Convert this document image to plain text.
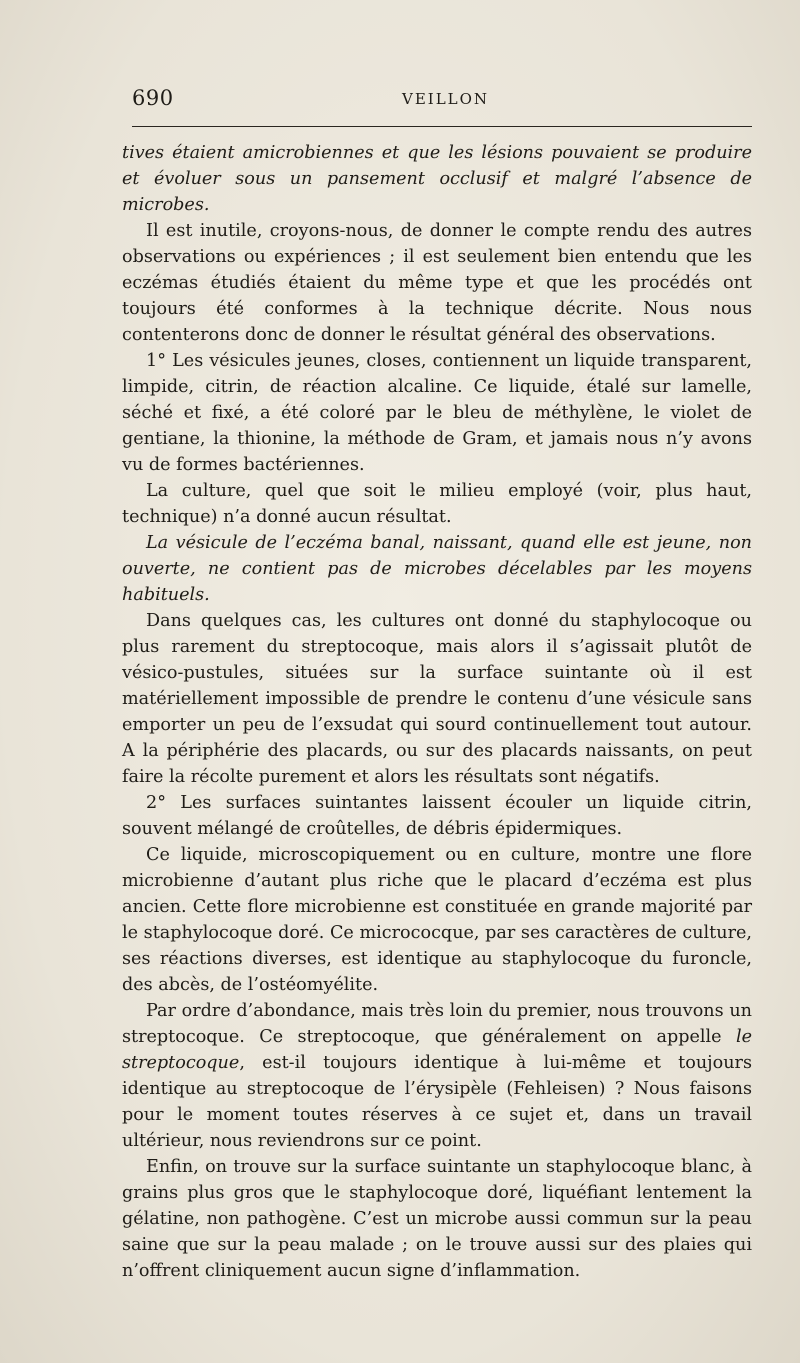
690	VEILLON

tives étaient amicrobiennes et que les lésions pouvaient se produire et évoluer sous un pansement occlusif et malgré l’absence de microbes.

Il est inutile, croyons-nous, de donner le compte rendu des autres observations ou expériences ; il est seulement bien entendu que les eczémas étudiés étaient du même type et que les procédés ont toujours été conformes à la technique décrite. Nous nous contenterons donc de donner le résultat général des observations.

1° Les vésicules jeunes, closes, contiennent un liquide transparent, limpide, citrin, de réaction alcaline. Ce liquide, étalé sur lamelle, séché et fixé, a été coloré par le bleu de méthylène, le violet de gentiane, la thionine, la méthode de Gram, et jamais nous n’y avons vu de formes bactériennes.

La culture, quel que soit le milieu employé (voir, plus haut, technique) n’a donné aucun résultat.

La vésicule de l’eczéma banal, naissant, quand elle est jeune, non ouverte, ne contient pas de microbes décelables par les moyens habituels.

Dans quelques cas, les cultures ont donné du staphylocoque ou plus rarement du streptocoque, mais alors il s’agissait plutôt de vésico-pustules, situées sur la surface suintante où il est matériellement impossible de prendre le contenu d’une vésicule sans emporter un peu de l’exsudat qui sourd continuellement tout autour. A la périphérie des placards, ou sur des placards naissants, on peut faire la récolte purement et alors les résultats sont négatifs.

2° Les surfaces suintantes laissent écouler un liquide citrin, souvent mélangé de croûtelles, de débris épidermiques.

Ce liquide, microscopiquement ou en culture, montre une flore microbienne d’autant plus riche que le placard d’eczéma est plus ancien. Cette flore microbienne est constituée en grande majorité par le staphylocoque doré. Ce micrococque, par ses caractères de culture, ses réactions diverses, est identique au staphylocoque du furoncle, des abcès, de l’ostéomyélite.

Par ordre d’abondance, mais très loin du premier, nous trouvons un streptocoque. Ce streptocoque, que généralement on appelle le streptocoque, est-il toujours identique à lui-même et toujours identique au streptocoque de l’érysipèle (Fehleisen) ? Nous faisons pour le moment toutes réserves à ce sujet et, dans un travail ultérieur, nous reviendrons sur ce point.

Enfin, on trouve sur la surface suintante un staphylocoque blanc, à grains plus gros que le staphylocoque doré, liquéfiant lentement la gélatine, non pathogène. C’est un microbe aussi commun sur la peau saine que sur la peau malade ; on le trouve aussi sur des plaies qui n’offrent cliniquement aucun signe d’inflammation.
